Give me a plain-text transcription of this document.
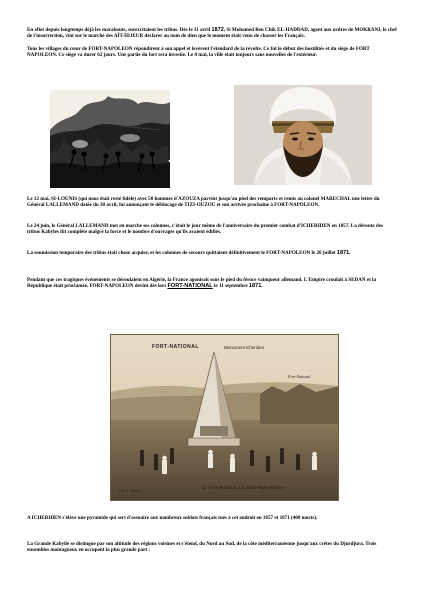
En effet depuis longtemps déjà les marabouts, surexcitaient les tribus. Dès le 11 avril 1872, Si Mohamed Ben Chik EL-HADDAD, agent aux ordres de MOKRANI, le chef de l'insurrection, vint sur le marché des AÏT-IDJEUR déclarer au nom de dieu que le moment était venu de chasser les Français.

Tous les villages du cœur de FORT-NAPOLEON répondirent à son appel et levèrent l'étendard de la révolte. Ce fut le début des hostilités et du siège de FORT NAPOLEON. Ce siège va durer 62 jours. Une partie du fort sera investie. Le 8 mai, la ville était toujours sans nouvelles de l'extérieur.

Le 12 mai, SI-LOUNIS (qui nous était resté fidèle) avec 50 hommes d'AZOUZA parvint jusqu'au pied des remparts et remis au colonel MARECHAL une lettre du Général LALLEMAND datée du 30 avril, lui annonçant le déblocage de TIZI-OUZOU et son arrivée prochaine à FORT-NAPOLEON.

Le 24 juin, le Général LALLEMAND met en marche ses colonnes, c'était le jour même de l'anniversaire du premier combat d'ICHERIDEN en 1857. La déroute des tribus Kabyles fût complète malgré la force et le nombre d'ouvrages qu'ils avaient édifiés.

La soumission temporaire des tribus était chose acquise, et les colonnes de secours quittaient définitivement le FORT-NAPOLEON le 20 juillet 1871.

Pendant que ces tragiques événements se déroulaient en Algérie, la France agonisait sous le pied du féroce vainqueur allemand. L'Empire croulait à SEDAN et la République était proclamée. FORT-NAPOLEON devint dès lors FORT-NATIONAL le 11 septembre 1871.

FORT-NATIONAL	Monument Icheriden
Fort-National
Coll. J. Geiser	Le Fort-National à Larbaa-Nath-Irathen

A ICHERIDEN s'élève une pyramide qui sert d'ossuaire aux nombreux soldats français tués à cet endroit en 1857 et 1871 (400 morts).

La Grande Kabylie se distingue par son altitude des régions voisines et s'étend, du Nord au Sud, de la côte méditerranéenne jusqu'aux crêtes du Djurdjura. Trois ensembles montagneux en occupent la plus grande part :
